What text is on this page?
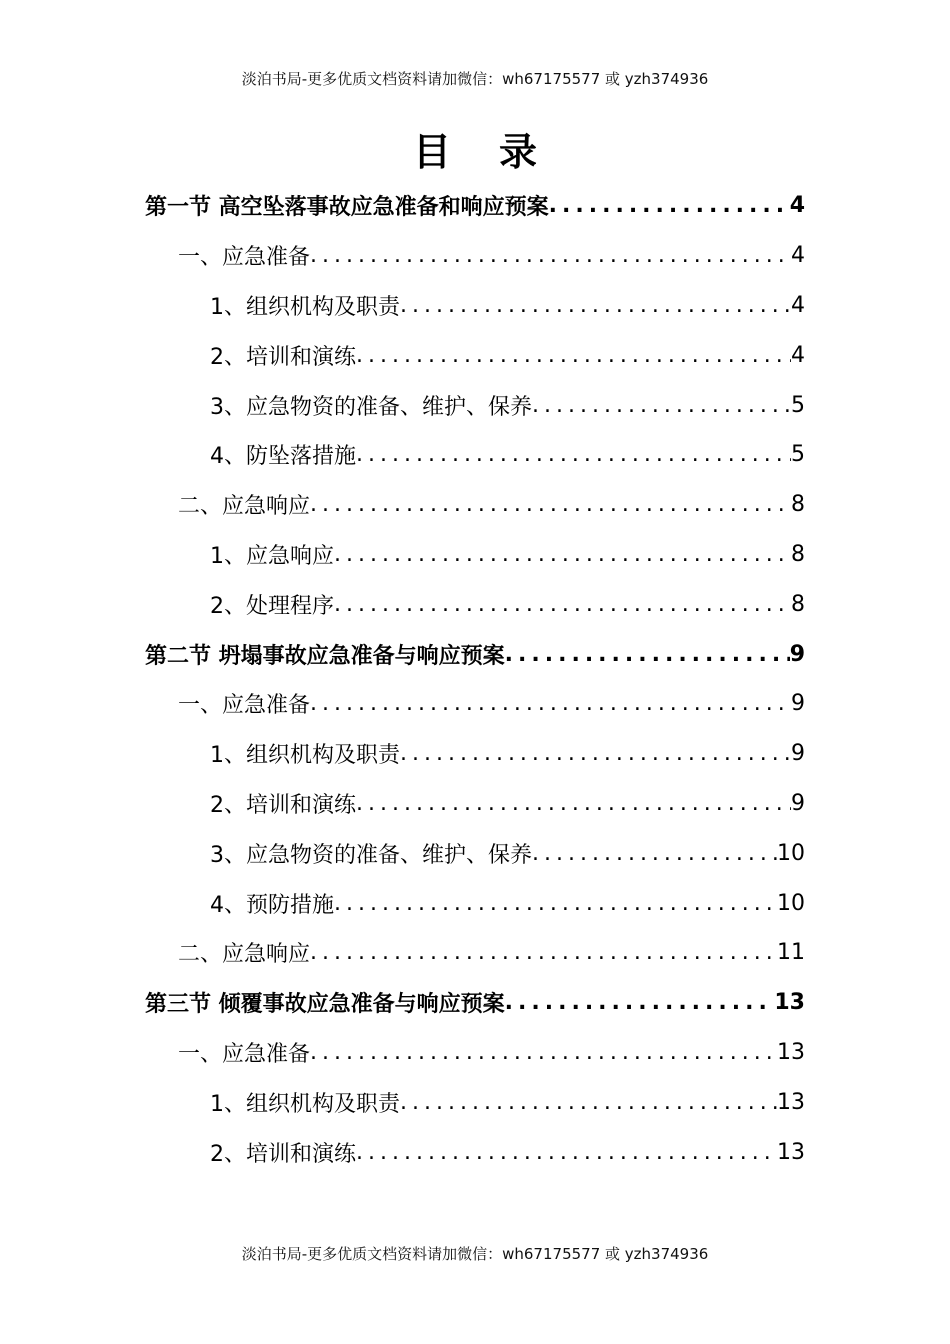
淡泊书局-更多优质文档资料请加微信：wh67175577 或 yzh374936
目录
第一节 高空坠落事故应急准备和响应预案 .....	4
一、应急准备 .....	4
1、组织机构及职责 .....	4
2、培训和演练 .....	4
3、应急物资的准备、维护、保养 .....	5
4、防坠落措施 .....	5
二、应急响应 .....	8
1、应急响应 .....	8
2、处理程序 .....	8
第二节 坍塌事故应急准备与响应预案 .....	9
一、应急准备 .....	9
1、组织机构及职责 .....	9
2、培训和演练 .....	9
3、应急物资的准备、维护、保养 .....	10
4、预防措施 .....	10
二、应急响应 .....	11
第三节 倾覆事故应急准备与响应预案 .....	13
一、应急准备 .....	13
1、组织机构及职责 .....	13
2、培训和演练 .....	13
淡泊书局-更多优质文档资料请加微信：wh67175577 或 yzh374936
